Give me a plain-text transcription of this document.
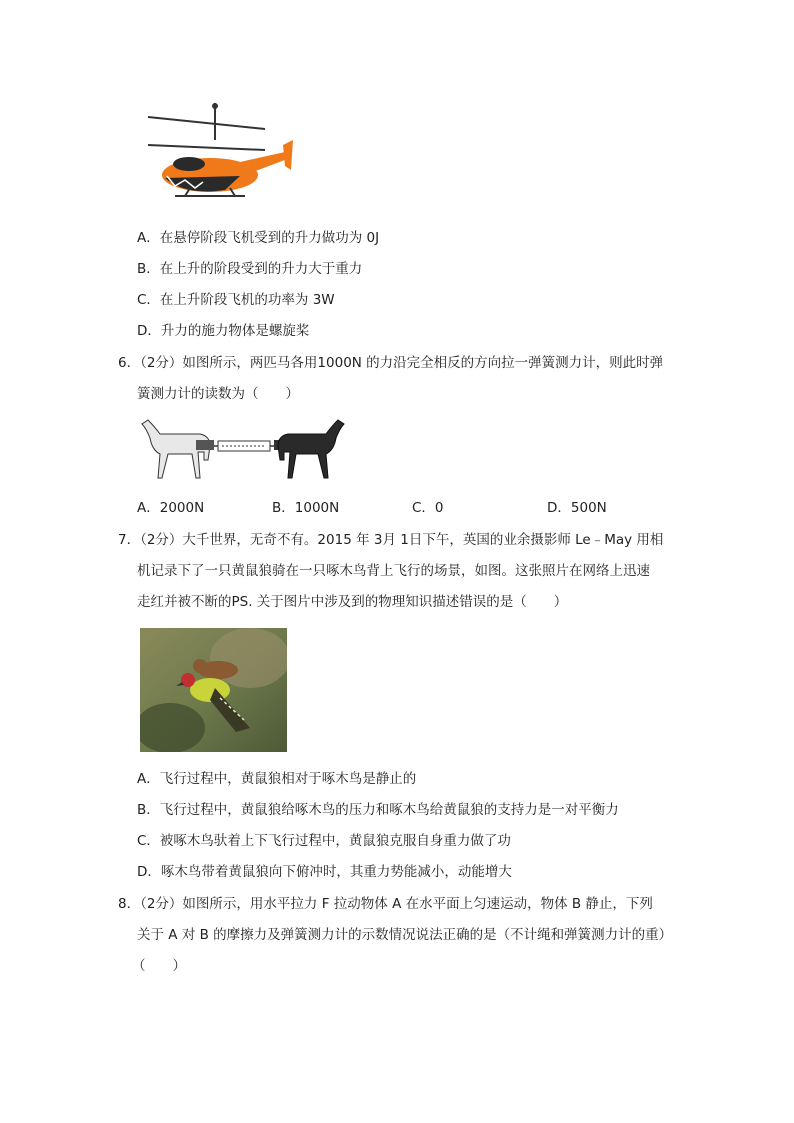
A．在悬停阶段飞机受到的升力做功为 0J
B．在上升的阶段受到的升力大于重力
C．在上升阶段飞机的功率为 3W
D．升力的施力物体是螺旋桨
6．（2分）如图所示，两匹马各用1000N 的力沿完全相反的方向拉一弹簧测力计，则此时弹
簧测力计的读数为（　　）
A．2000N	B．1000N	C．0	D．500N
7．（2分）大千世界，无奇不有。2015 年 3月 1日下午，英国的业余摄影师 Le﹣May 用相
机记录下了一只黄鼠狼骑在一只啄木鸟背上飞行的场景，如图。这张照片在网络上迅速
走红并被不断的PS. 关于图片中涉及到的物理知识描述错误的是（　　）
A．飞行过程中，黄鼠狼相对于啄木鸟是静止的
B．飞行过程中，黄鼠狼给啄木鸟的压力和啄木鸟给黄鼠狼的支持力是一对平衡力
C．被啄木鸟驮着上下飞行过程中，黄鼠狼克服自身重力做了功
D．啄木鸟带着黄鼠狼向下俯冲时，其重力势能减小，动能增大
8．（2分）如图所示，用水平拉力 F 拉动物体 A 在水平面上匀速运动，物体 B 静止，下列
关于 A 对 B 的摩擦力及弹簧测力计的示数情况说法正确的是（不计绳和弹簧测力计的重）
（　　）
